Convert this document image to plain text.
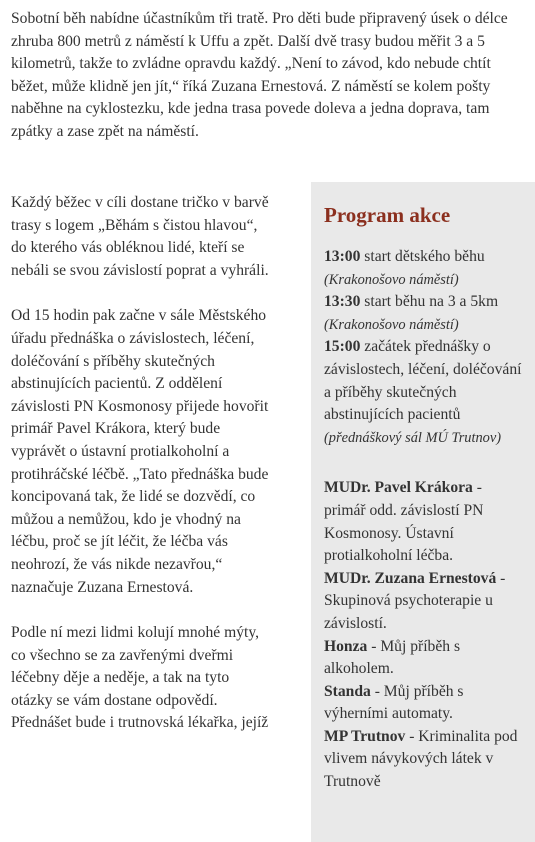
Sobotní běh nabídne účastníkům tři tratě. Pro děti bude připravený úsek o délce zhruba 800 metrů z náměstí k Uffu a zpět. Další dvě trasy budou měřit 3 a 5 kilometrů, takže to zvládne opravdu každý. „Není to závod, kdo nebude chtít běžet, může klidně jen jít,“ říká Zuzana Ernestová. Z náměstí se kolem pošty naběhne na cyklostezku, kde jedna trasa povede doleva a jedna doprava, tam zpátky a zase zpět na náměstí.

Každý běžec v cíli dostane tričko v barvě trasy s logem „Běhám s čistou hlavou“, do kterého vás obléknou lidé, kteří se nebáli se svou závislostí poprat a vyhráli.

Od 15 hodin pak začne v sále Městského úřadu přednáška o závislostech, léčení, doléčování s příběhy skutečných abstinujících pacientů. Z oddělení závislosti PN Kosmonosy přijede hovořit primář Pavel Krákora, který bude vyprávět o ústavní protialkoholní a protihráčské léčbě. „Tato přednáška bude koncipovaná tak, že lidé se dozvědí, co můžou a nemůžou, kdo je vhodný na léčbu, proč se jít léčit, že léčba vás neohrozí, že vás nikde nezavřou,“ naznačuje Zuzana Ernestová.

Podle ní mezi lidmi kolují mnohé mýty, co všechno se za zavřenými dveřmi léčebny děje a neděje, a tak na tyto otázky se vám dostane odpovědí. Přednášet bude i trutnovská lékařka, jejíž

Program akce

13:00 start dětského běhu
(Krakonošovo náměstí)

13:30 start běhu na 3 a 5km
(Krakonošovo náměstí)

15:00 začátek přednášky o závislostech, léčení, doléčování a příběhy skutečných abstinujících pacientů (přednáškový sál MÚ Trutnov)

MUDr. Pavel Krákora - primář odd. závislostí PN Kosmonosy. Ústavní protialkoholní léčba.

MUDr. Zuzana Ernestová - Skupinová psychoterapie u závislostí.

Honza - Můj příběh s alkoholem.

Standa - Můj příběh s výherními automaty.

MP Trutnov - Kriminalita pod vlivem návykových látek v Trutnově
